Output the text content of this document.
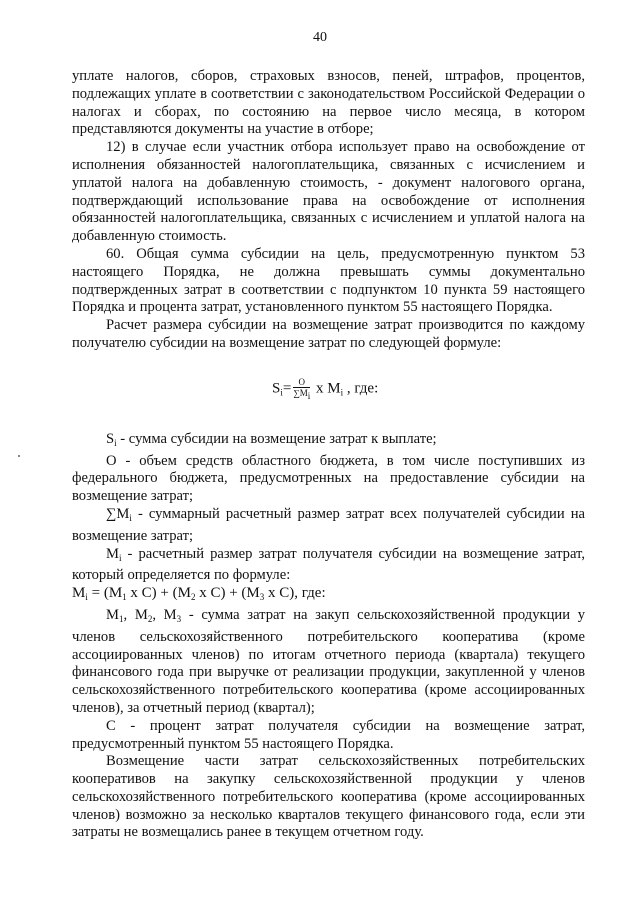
40

уплате налогов, сборов, страховых взносов, пеней, штрафов, процентов, подлежащих уплате в соответствии с законодательством Российской Федерации о налогах и сборах, по состоянию на первое число месяца, в котором представляются документы на участие в отборе;

12) в случае если участник отбора использует право на освобождение от исполнения обязанностей налогоплательщика, связанных с исчислением и уплатой налога на добавленную стоимость, - документ налогового органа, подтверждающий использование права на освобождение от исполнения обязанностей налогоплательщика, связанных с исчислением и уплатой налога на добавленную стоимость.

60. Общая сумма субсидии на цель, предусмотренную пунктом 53 настоящего Порядка, не должна превышать суммы документально подтвержденных затрат в соответствии с подпунктом 10 пункта 59 настоящего Порядка и процента затрат, установленного пунктом 55 настоящего Порядка.

Расчет размера субсидии на возмещение затрат производится по каждому получателю субсидии на возмещение затрат по следующей формуле:

$S_i= \frac{O}{\sum M_i}$ x $M_i$ , где:

$S_i$ - сумма субсидии на возмещение затрат к выплате;

О - объем средств областного бюджета, в том числе поступивших из федерального бюджета, предусмотренных на предоставление субсидии на возмещение затрат;

$\sum M_i$ - суммарный расчетный размер затрат всех получателей субсидии на возмещение затрат;

$M_i$ - расчетный размер затрат получателя субсидии на возмещение затрат, который определяется по формуле:

$M_i = (M_1$ x $C) + (M_2$ x $C) + (M_3$ x C), где:

$M_1$, $M_2$, $M_3$ - сумма затрат на закуп сельскохозяйственной продукции у членов сельскохозяйственного потребительского кооператива (кроме ассоциированных членов) по итогам отчетного периода (квартала) текущего финансового года при выручке от реализации продукции, закупленной у членов сельскохозяйственного потребительского кооператива (кроме ассоциированных членов), за отчетный период (квартал);

С - процент затрат получателя субсидии на возмещение затрат, предусмотренный пунктом 55 настоящего Порядка.

Возмещение части затрат сельскохозяйственных потребительских кооперативов на закупку сельскохозяйственной продукции у членов сельскохозяйственного потребительского кооператива (кроме ассоциированных членов) возможно за несколько кварталов текущего финансового года, если эти затраты не возмещались ранее в текущем отчетном году.
